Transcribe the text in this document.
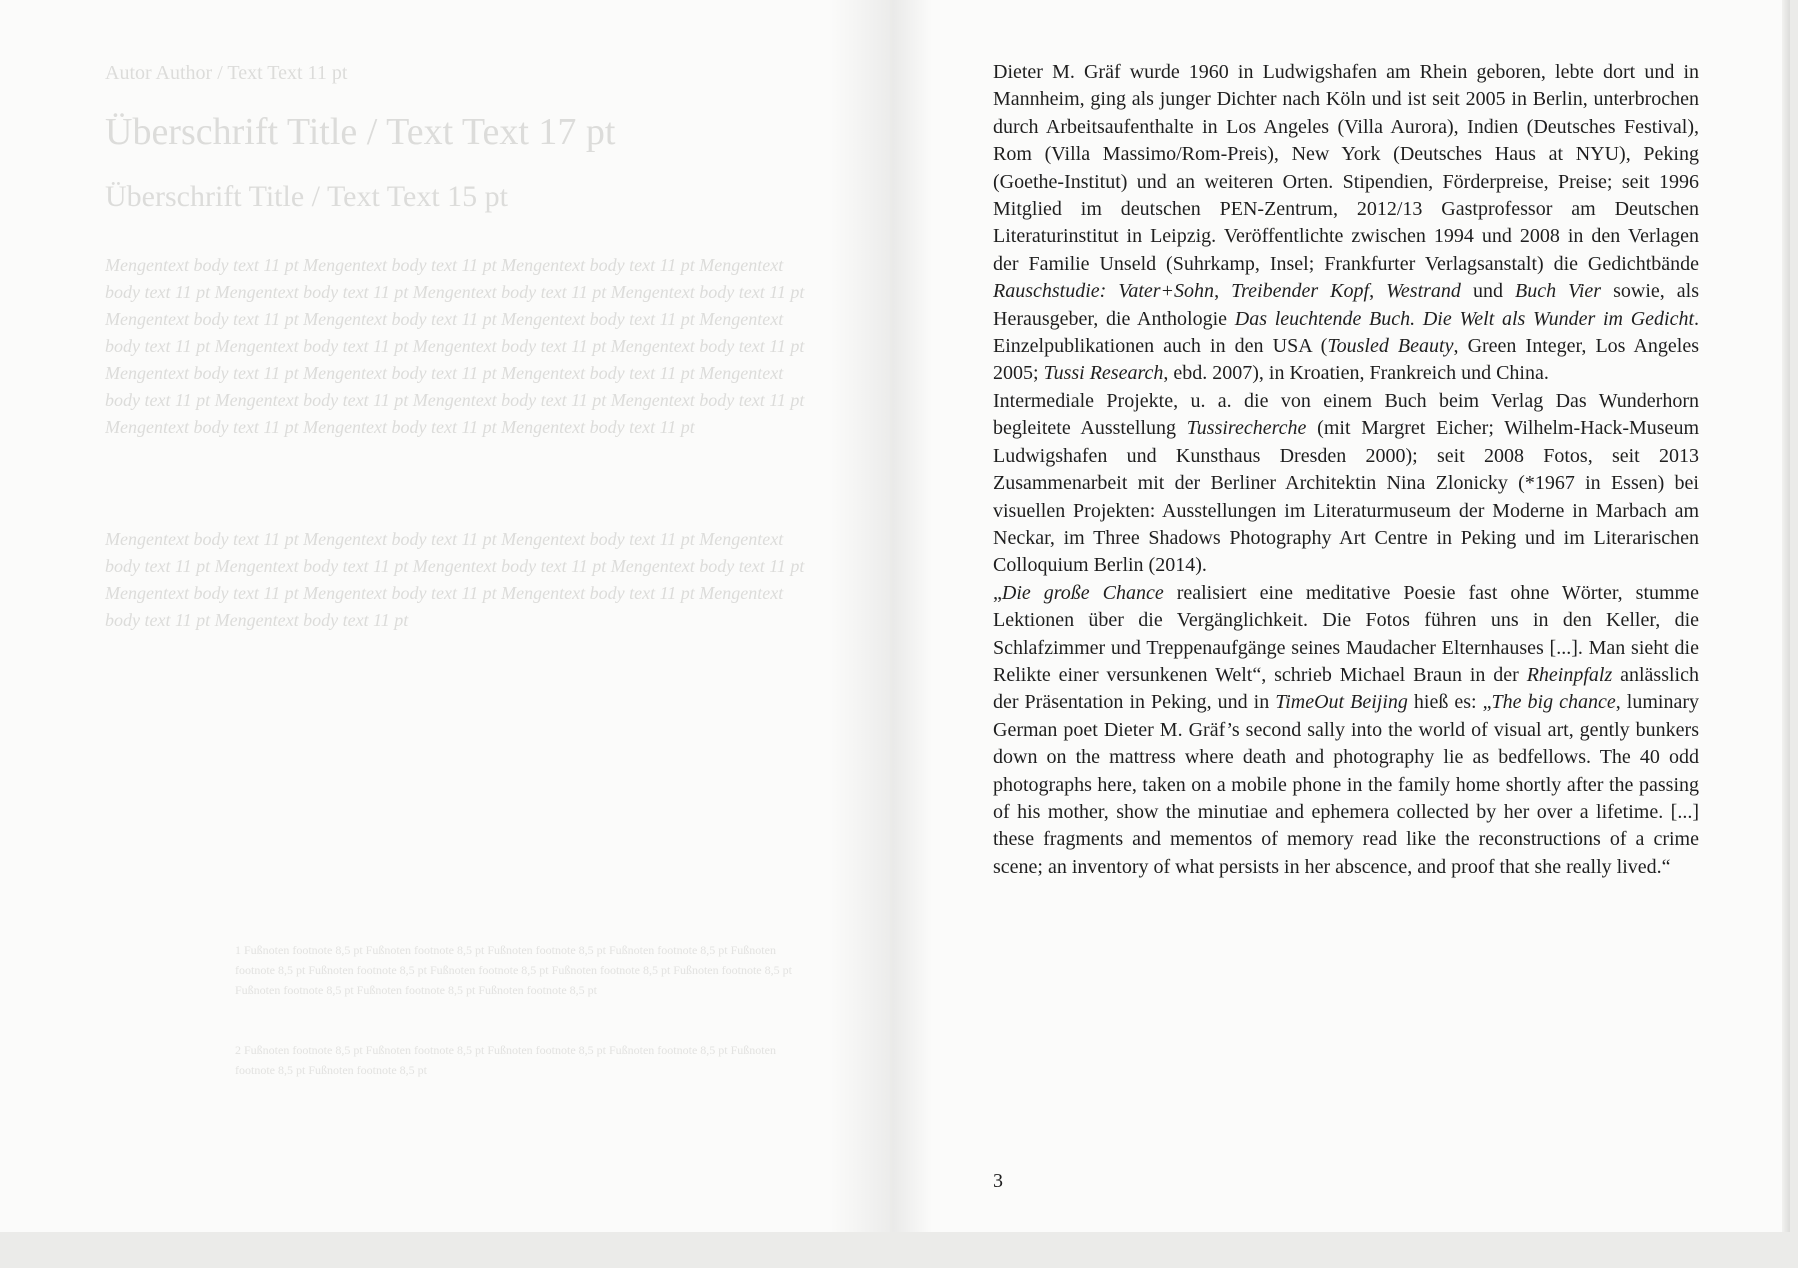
Autor Author / Text Text 11 pt
Überschrift Title / Text Text 17 pt
Überschrift Title / Text Text 15 pt
Mengentext body text 11 pt Mengentext body text 11 pt Mengentext body text 11 pt Mengentext body text 11 pt Mengentext body text 11 pt Mengentext body text 11 pt Mengentext body text 11 pt Mengentext body text 11 pt Mengentext body text 11 pt Mengentext body text 11 pt Mengentext body text 11 pt Mengentext body text 11 pt Mengentext body text 11 pt Mengentext body text 11 pt Mengentext body text 11 pt Mengentext body text 11 pt Mengentext body text 11 pt Mengentext body text 11 pt Mengentext body text 11 pt Mengentext body text 11 pt Mengentext body text 11 pt Mengentext body text 11 pt Mengentext body text 11 pt Mengentext body text 11 pt
Mengentext body text 11 pt Mengentext body text 11 pt Mengentext body text 11 pt Mengentext body text 11 pt Mengentext body text 11 pt Mengentext body text 11 pt Mengentext body text 11 pt Mengentext body text 11 pt Mengentext body text 11 pt Mengentext body text 11 pt Mengentext body text 11 pt Mengentext body text 11 pt
1 Fußnoten footnote 8,5 pt Fußnoten footnote 8,5 pt Fußnoten footnote 8,5 pt Fußnoten footnote 8,5 pt Fußnoten footnote 8,5 pt Fußnoten footnote 8,5 pt Fußnoten footnote 8,5 pt Fußnoten footnote 8,5 pt Fußnoten footnote 8,5 pt Fußnoten footnote 8,5 pt Fußnoten footnote 8,5 pt Fußnoten footnote 8,5 pt
2 Fußnoten footnote 8,5 pt Fußnoten footnote 8,5 pt Fußnoten footnote 8,5 pt Fußnoten footnote 8,5 pt Fußnoten footnote 8,5 pt Fußnoten footnote 8,5 pt

Dieter M. Gräf wurde 1960 in Ludwigshafen am Rhein geboren, lebte dort und in Mannheim, ging als junger Dichter nach Köln und ist seit 2005 in Berlin, unterbrochen durch Arbeitsaufenthalte in Los Angeles (Villa Aurora), Indien (Deutsches Festival), Rom (Villa Massimo/Rom-Preis), New York (Deutsches Haus at NYU), Peking (Goethe-Institut) und an weiteren Orten. Stipendien, Förderpreise, Preise; seit 1996 Mitglied im deutschen PEN-Zentrum, 2012/13 Gastprofessor am Deutschen Literaturinstitut in Leipzig. Veröffentlichte zwischen 1994 und 2008 in den Verlagen der Familie Unseld (Suhrkamp, Insel; Frankfurter Verlagsanstalt) die Gedichtbände Rauschstudie: Vater+Sohn, Treibender Kopf, Westrand und Buch Vier sowie, als Herausgeber, die Anthologie Das leuchtende Buch. Die Welt als Wunder im Gedicht. Einzelpublikationen auch in den USA (Tousled Beauty, Green Integer, Los Angeles 2005; Tussi Research, ebd. 2007), in Kroatien, Frankreich und China.

Intermediale Projekte, u. a. die von einem Buch beim Verlag Das Wunderhorn begleitete Ausstellung Tussirecherche (mit Margret Eicher; Wilhelm-Hack-Museum Ludwigshafen und Kunsthaus Dresden 2000); seit 2008 Fotos, seit 2013 Zusammenarbeit mit der Berliner Architektin Nina Zlonicky (*1967 in Essen) bei visuellen Projekten: Ausstellungen im Literaturmuseum der Moderne in Marbach am Neckar, im Three Shadows Photography Art Centre in Peking und im Literarischen Colloquium Berlin (2014).

„Die große Chance realisiert eine meditative Poesie fast ohne Wörter, stumme Lektionen über die Vergänglichkeit. Die Fotos führen uns in den Keller, die Schlafzimmer und Treppenaufgänge seines Maudacher Elternhauses [...]. Man sieht die Relikte einer versunkenen Welt“, schrieb Michael Braun in der Rheinpfalz anlässlich der Präsentation in Peking, und in TimeOut Beijing hieß es: „The big chance, luminary German poet Dieter M. Gräf’s second sally into the world of visual art, gently bunkers down on the mattress where death and photography lie as bedfellows. The 40 odd photographs here, taken on a mobile phone in the family home shortly after the passing of his mother, show the minutiae and ephemera collected by her over a lifetime. [...] these fragments and mementos of memory read like the reconstructions of a crime scene; an inventory of what persists in her abscence, and proof that she really lived.“

3
